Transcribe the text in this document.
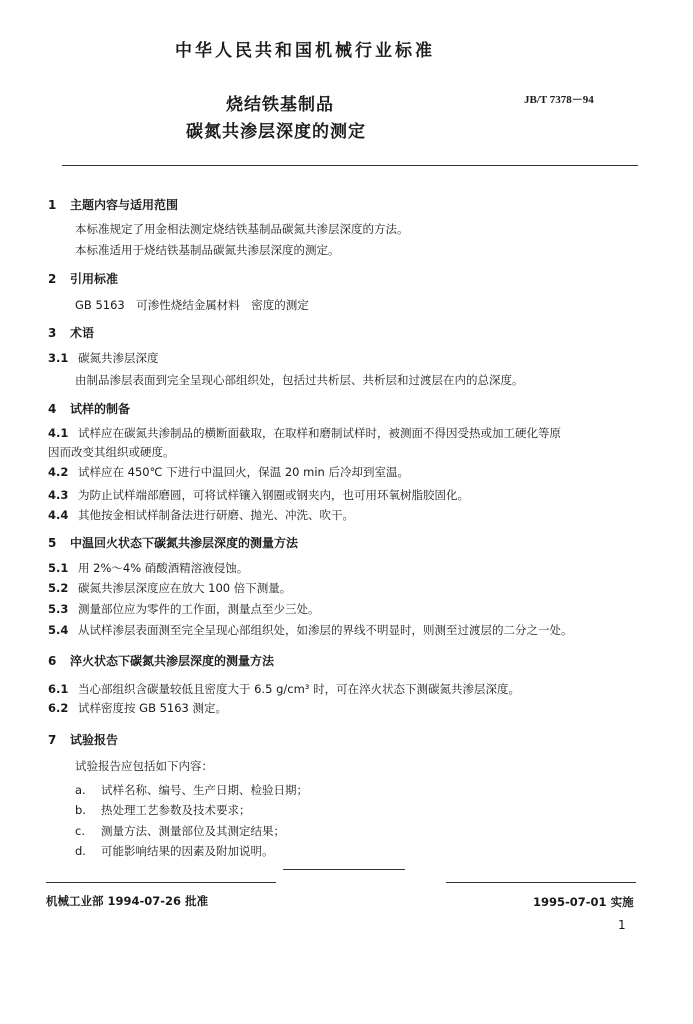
中华人民共和国机械行业标准
烧结铁基制品
碳氮共渗层深度的测定
JB/T 7378－94
1 主题内容与适用范围
本标准规定了用金相法测定烧结铁基制品碳氮共渗层深度的方法。
本标准适用于烧结铁基制品碳氮共渗层深度的测定。
2 引用标准
GB 5163　可渗性烧结金属材料　密度的测定
3 术语
3.1 碳氮共渗层深度
由制品渗层表面到完全呈现心部组织处，包括过共析层、共析层和过渡层在内的总深度。
4 试样的制备
4.1 试样应在碳氮共渗制品的横断面截取，在取样和磨制试样时，被测面不得因受热或加工硬化等原
因而改变其组织或硬度。
4.2 试样应在 450℃ 下进行中温回火，保温 20 min 后冷却到室温。
4.3 为防止试样端部磨圆，可将试样镶入钢圈或钢夹内，也可用环氧树脂胶固化。
4.4 其他按金相试样制备法进行研磨、抛光、冲洗、吹干。
5 中温回火状态下碳氮共渗层深度的测量方法
5.1 用 2%～4% 硝酸酒精溶液侵蚀。
5.2 碳氮共渗层深度应在放大 100 倍下测量。
5.3 测量部位应为零件的工作面，测量点至少三处。
5.4 从试样渗层表面测至完全呈现心部组织处，如渗层的界线不明显时，则测至过渡层的二分之一处。
6 淬火状态下碳氮共渗层深度的测量方法
6.1 当心部组织含碳量较低且密度大于 6.5 g/cm³ 时，可在淬火状态下测碳氮共渗层深度。
6.2 试样密度按 GB 5163 测定。
7 试验报告
试验报告应包括如下内容：
a. 试样名称、编号、生产日期、检验日期；
b. 热处理工艺参数及技术要求；
c. 测量方法、测量部位及其测定结果；
d. 可能影响结果的因素及附加说明。
机械工业部 1994-07-26 批准	1995-07-01 实施
1
